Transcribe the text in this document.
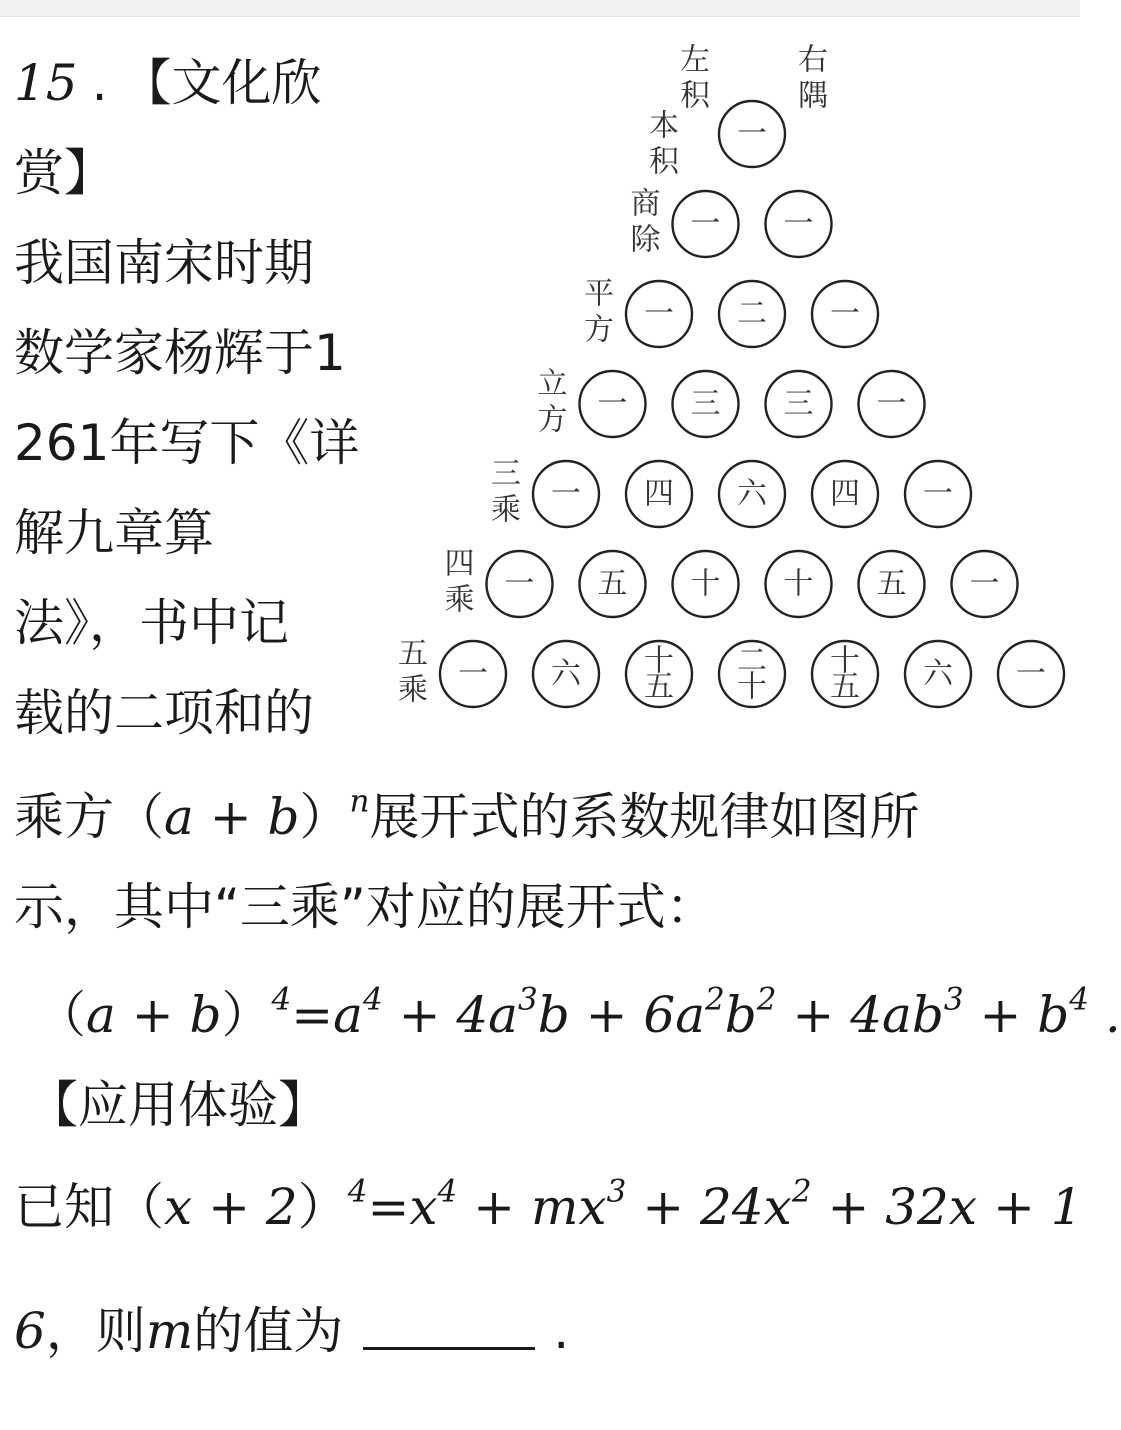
15 . 【文化欣
赏】
我国南宋时期
数学家杨辉于1
261年写下《详
解九章算
法》，书中记
载的二项和的
一
左
积
右
隅
本
积
一 一
商
除
一 二 一
平
方
一 三 三 一
立
方
一 四 六 四 一
三
乘
一 五 十 十 五 一
四
乘
一 六 十
五
二
十
十
五 六 一
五
乘
乘方$(a + b)^n$展开式的系数规律如图所
示，其中“三乘”对应的展开式：
$(a + b)^4=a^4 + 4a^3b + 6a^2b^2 + 4ab^3 + b^4$ .
【应用体验】
已知$(x + 2)^4=x^4 + mx^3 + 24x^2 + 32x + 1$
6，则m的值为	.
